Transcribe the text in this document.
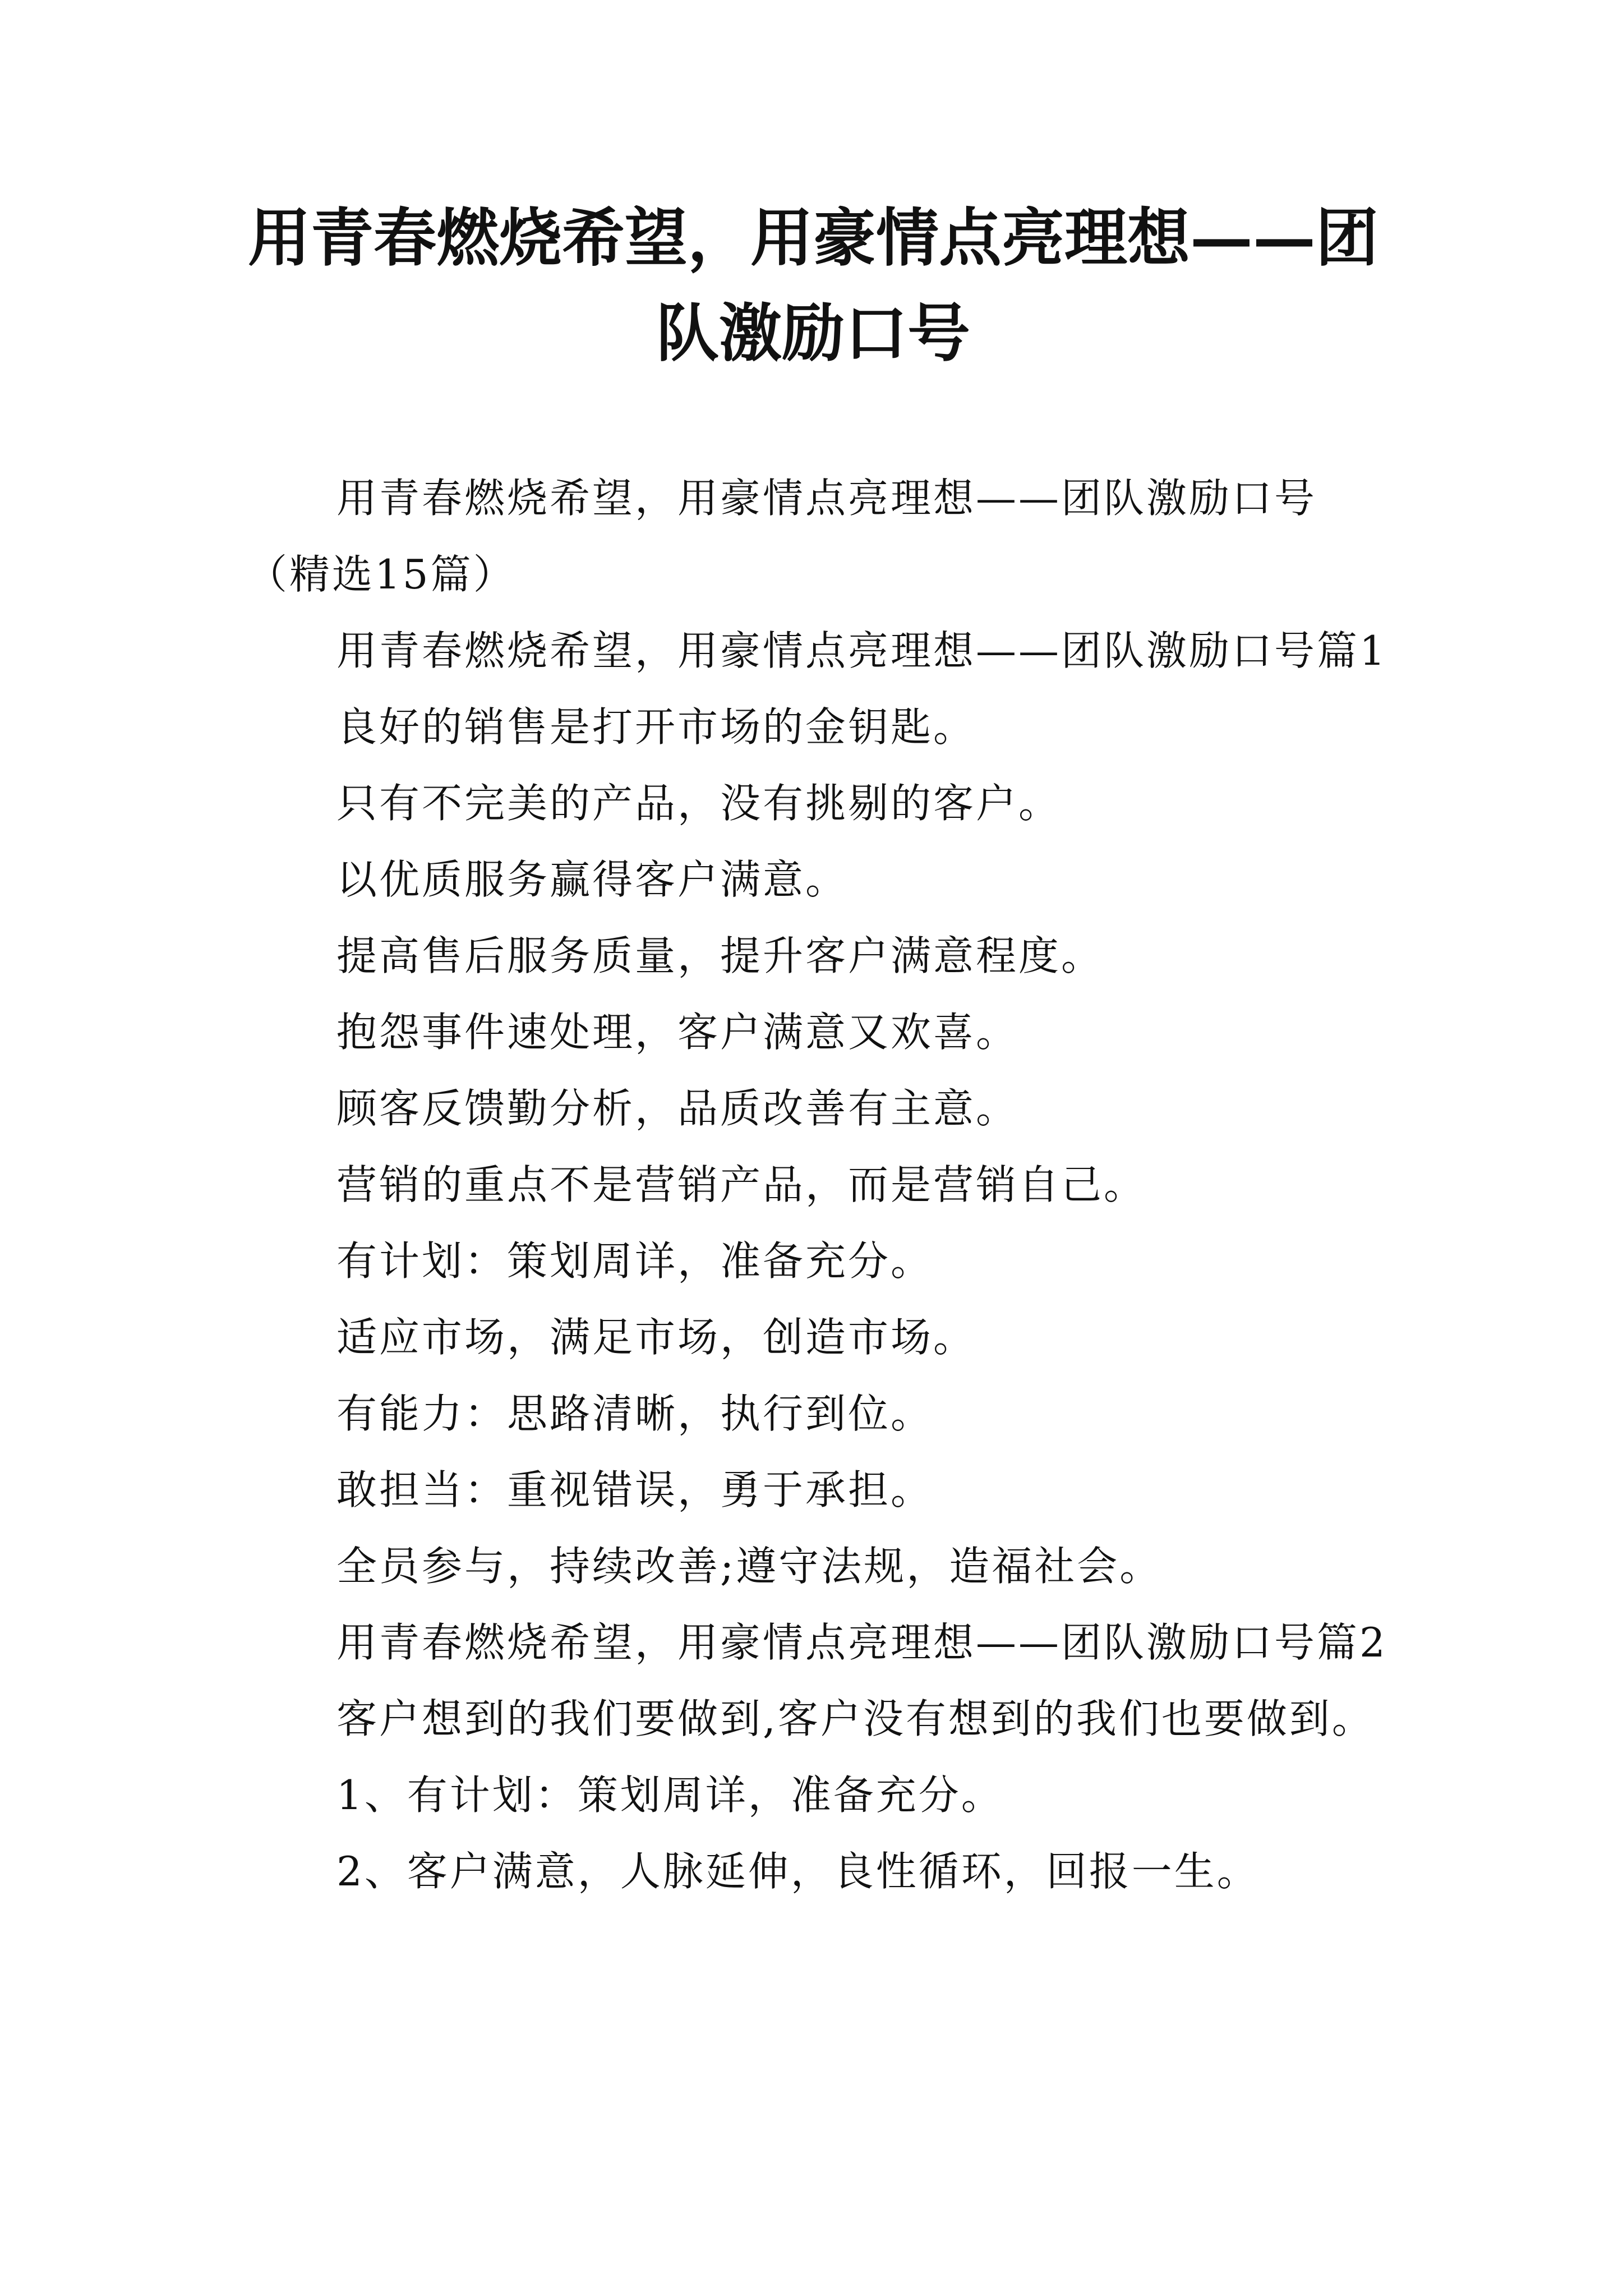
用青春燃烧希望，用豪情点亮理想——团队激励口号

用青春燃烧希望，用豪情点亮理想——团队激励口号（精选15篇）

用青春燃烧希望，用豪情点亮理想——团队激励口号篇1

良好的销售是打开市场的金钥匙。

只有不完美的产品，没有挑剔的客户。

以优质服务赢得客户满意。

提高售后服务质量，提升客户满意程度。

抱怨事件速处理，客户满意又欢喜。

顾客反馈勤分析，品质改善有主意。

营销的重点不是营销产品，而是营销自己。

有计划：策划周详，准备充分。

适应市场，满足市场，创造市场。

有能力：思路清晰，执行到位。

敢担当：重视错误，勇于承担。

全员参与，持续改善;遵守法规，造福社会。

用青春燃烧希望，用豪情点亮理想——团队激励口号篇2

客户想到的我们要做到,客户没有想到的我们也要做到。

1、有计划：策划周详，准备充分。

2、客户满意，人脉延伸，良性循环，回报一生。
